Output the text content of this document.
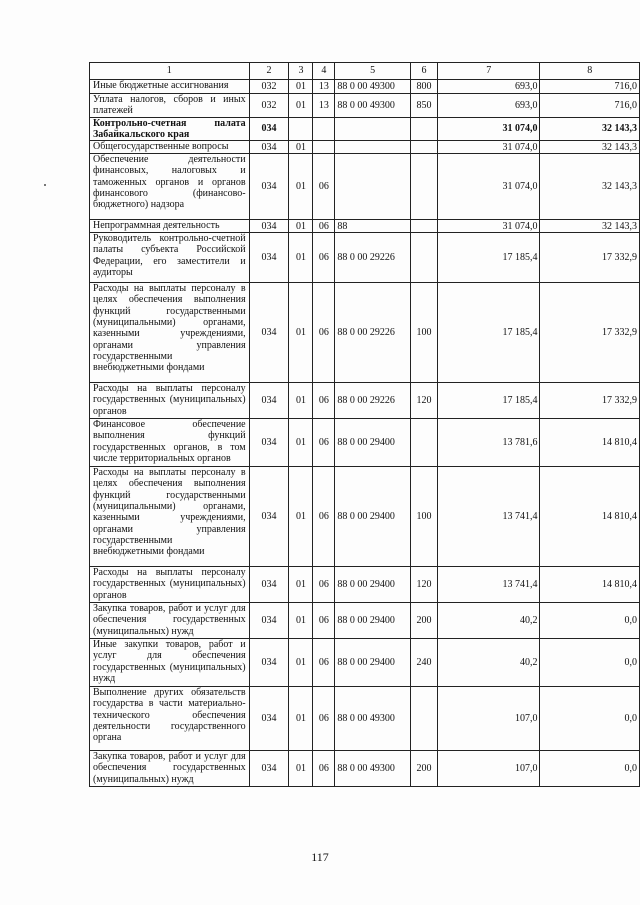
1	2	3	4	5	6	7	8
Иные бюджетные ассигнования	032	01	13	88 0 00 49300	800	693,0	716,0
Уплата налогов, сборов и иных платежей	032	01	13	88 0 00 49300	850	693,0	716,0
Контрольно-счетная палата Забайкальского края	034					31 074,0	32 143,3
Общегосударственные вопросы	034	01				31 074,0	32 143,3
Обеспечение деятельности финансовых, налоговых и таможенных органов и органов финансового (финансово-бюджетного) надзора	034	01	06			31 074,0	32 143,3
Непрограммная деятельность	034	01	06	88		31 074,0	32 143,3
Руководитель контрольно-счетной палаты субъекта Российской Федерации, его заместители и аудиторы	034	01	06	88 0 00 29226		17 185,4	17 332,9
Расходы на выплаты персоналу в целях обеспечения выполнения функций государственными (муниципальными) органами, казенными учреждениями, органами управления государственными внебюджетными фондами	034	01	06	88 0 00 29226	100	17 185,4	17 332,9
Расходы на выплаты персоналу государственных (муниципальных) органов	034	01	06	88 0 00 29226	120	17 185,4	17 332,9
Финансовое обеспечение выполнения функций государственных органов, в том числе территориальных органов	034	01	06	88 0 00 29400		13 781,6	14 810,4
Расходы на выплаты персоналу в целях обеспечения выполнения функций государственными (муниципальными) органами, казенными учреждениями, органами управления государственными внебюджетными фондами	034	01	06	88 0 00 29400	100	13 741,4	14 810,4
Расходы на выплаты персоналу государственных (муниципальных) органов	034	01	06	88 0 00 29400	120	13 741,4	14 810,4
Закупка товаров, работ и услуг для обеспечения государственных (муниципальных) нужд	034	01	06	88 0 00 29400	200	40,2	0,0
Иные закупки товаров, работ и услуг для обеспечения государственных (муниципальных) нужд	034	01	06	88 0 00 29400	240	40,2	0,0
Выполнение других обязательств государства в части материально-технического обеспечения деятельности государственного органа	034	01	06	88 0 00 49300		107,0	0,0
Закупка товаров, работ и услуг для обеспечения государственных (муниципальных) нужд	034	01	06	88 0 00 49300	200	107,0	0,0
117
